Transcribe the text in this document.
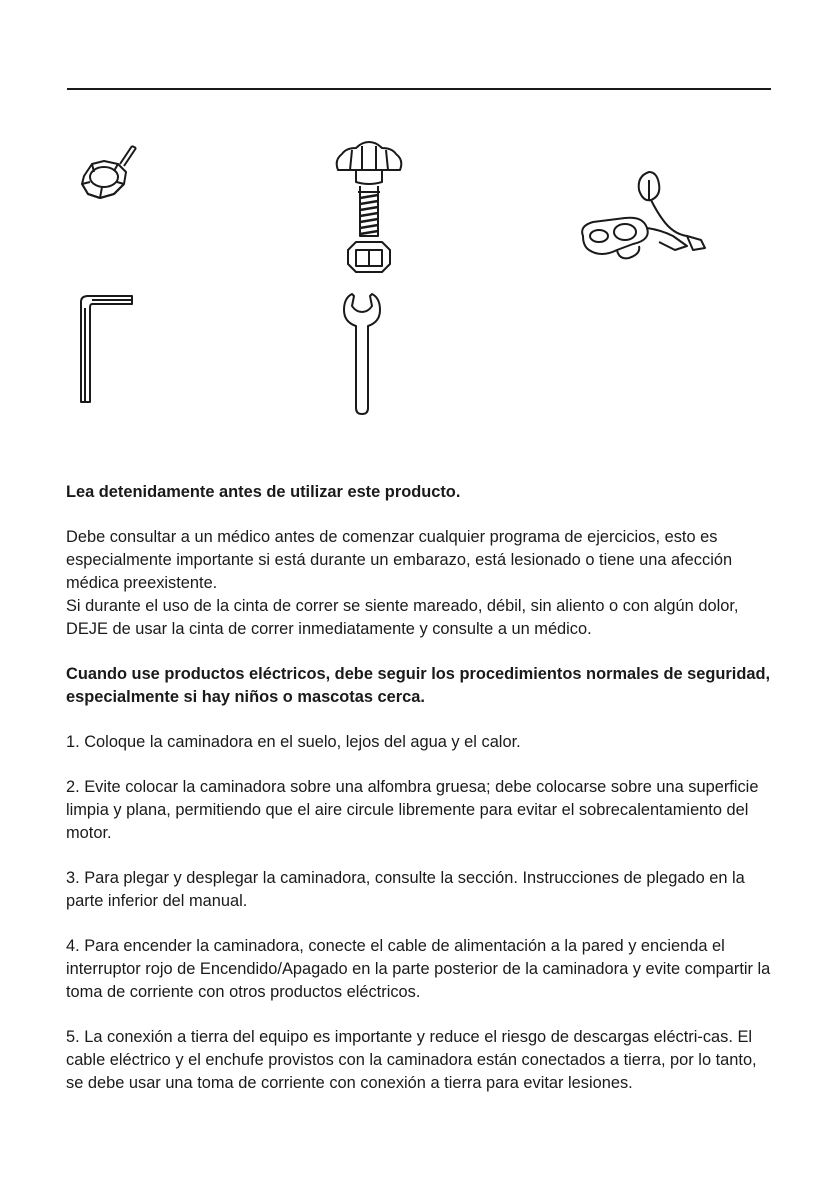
Lea detenidamente antes de utilizar este producto.

Debe consultar a un médico antes de comenzar cualquier programa de ejercicios, esto es especialmente importante si está durante un embarazo, está lesionado o tiene una afección médica preexistente.

Si durante el uso de la cinta de correr se siente mareado, débil, sin aliento o con algún dolor, DEJE de usar la cinta de correr inmediatamente y consulte a un médico.

Cuando use productos eléctricos, debe seguir los procedimientos normales de seguridad, especialmente si hay niños o mascotas cerca.

1. Coloque la caminadora en el suelo, lejos del agua y el calor.

2. Evite colocar la caminadora sobre una alfombra gruesa; debe colocarse sobre una superficie limpia y plana, permitiendo que el aire circule libremente para evitar el sobrecalentamiento del motor.

3. Para plegar y desplegar la caminadora, consulte la sección. Instrucciones de plegado en la parte inferior del manual.

4. Para encender la caminadora, conecte el cable de alimentación a la pared y encienda el interruptor rojo de Encendido/Apagado en la parte posterior de la caminadora y evite compartir la toma de corriente con otros productos eléctricos.

5. La conexión a tierra del equipo es importante y reduce el riesgo de descargas eléctri-cas. El cable eléctrico y el enchufe provistos con la caminadora están conectados a tierra, por lo tanto, se debe usar una toma de corriente con conexión a tierra para evitar lesiones.
